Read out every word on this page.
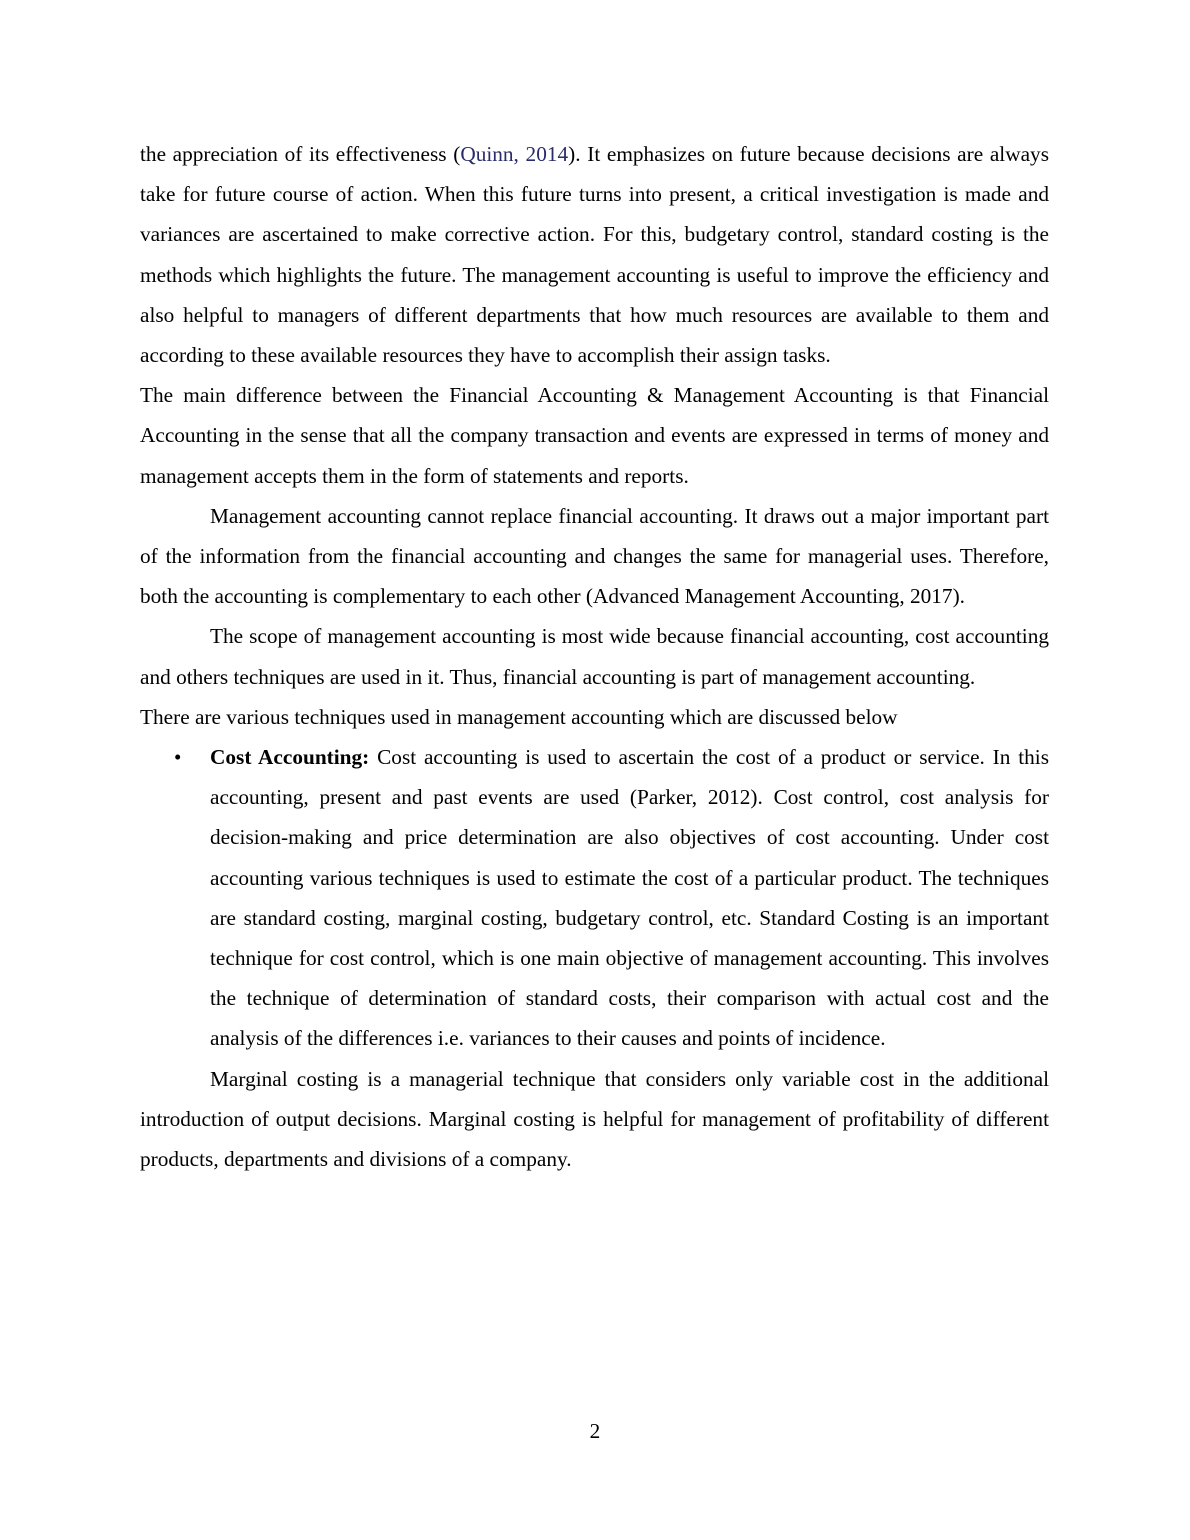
the appreciation of its effectiveness (Quinn, 2014). It emphasizes on future because decisions are always take for future course of action. When this future turns into present, a critical investigation is made and variances are ascertained to make corrective action. For this, budgetary control, standard costing is the methods which highlights the future. The management accounting is useful to improve the efficiency and also helpful to managers of different departments that how much resources are available to them and according to these available resources they have to accomplish their assign tasks.

The main difference between the Financial Accounting & Management Accounting is that Financial Accounting in the sense that all the company transaction and events are expressed in terms of money and management accepts them in the form of statements and reports.

Management accounting cannot replace financial accounting. It draws out a major important part of the information from the financial accounting and changes the same for managerial uses. Therefore, both the accounting is complementary to each other (Advanced Management Accounting, 2017).

The scope of management accounting is most wide because financial accounting, cost accounting and others techniques are used in it. Thus, financial accounting is part of management accounting.

There are various techniques used in management accounting which are discussed below

• Cost Accounting: Cost accounting is used to ascertain the cost of a product or service. In this accounting, present and past events are used (Parker, 2012). Cost control, cost analysis for decision-making and price determination are also objectives of cost accounting. Under cost accounting various techniques is used to estimate the cost of a particular product. The techniques are standard costing, marginal costing, budgetary control, etc. Standard Costing is an important technique for cost control, which is one main objective of management accounting. This involves the technique of determination of standard costs, their comparison with actual cost and the analysis of the differences i.e. variances to their causes and points of incidence.

Marginal costing is a managerial technique that considers only variable cost in the additional introduction of output decisions. Marginal costing is helpful for management of profitability of different products, departments and divisions of a company.

2
